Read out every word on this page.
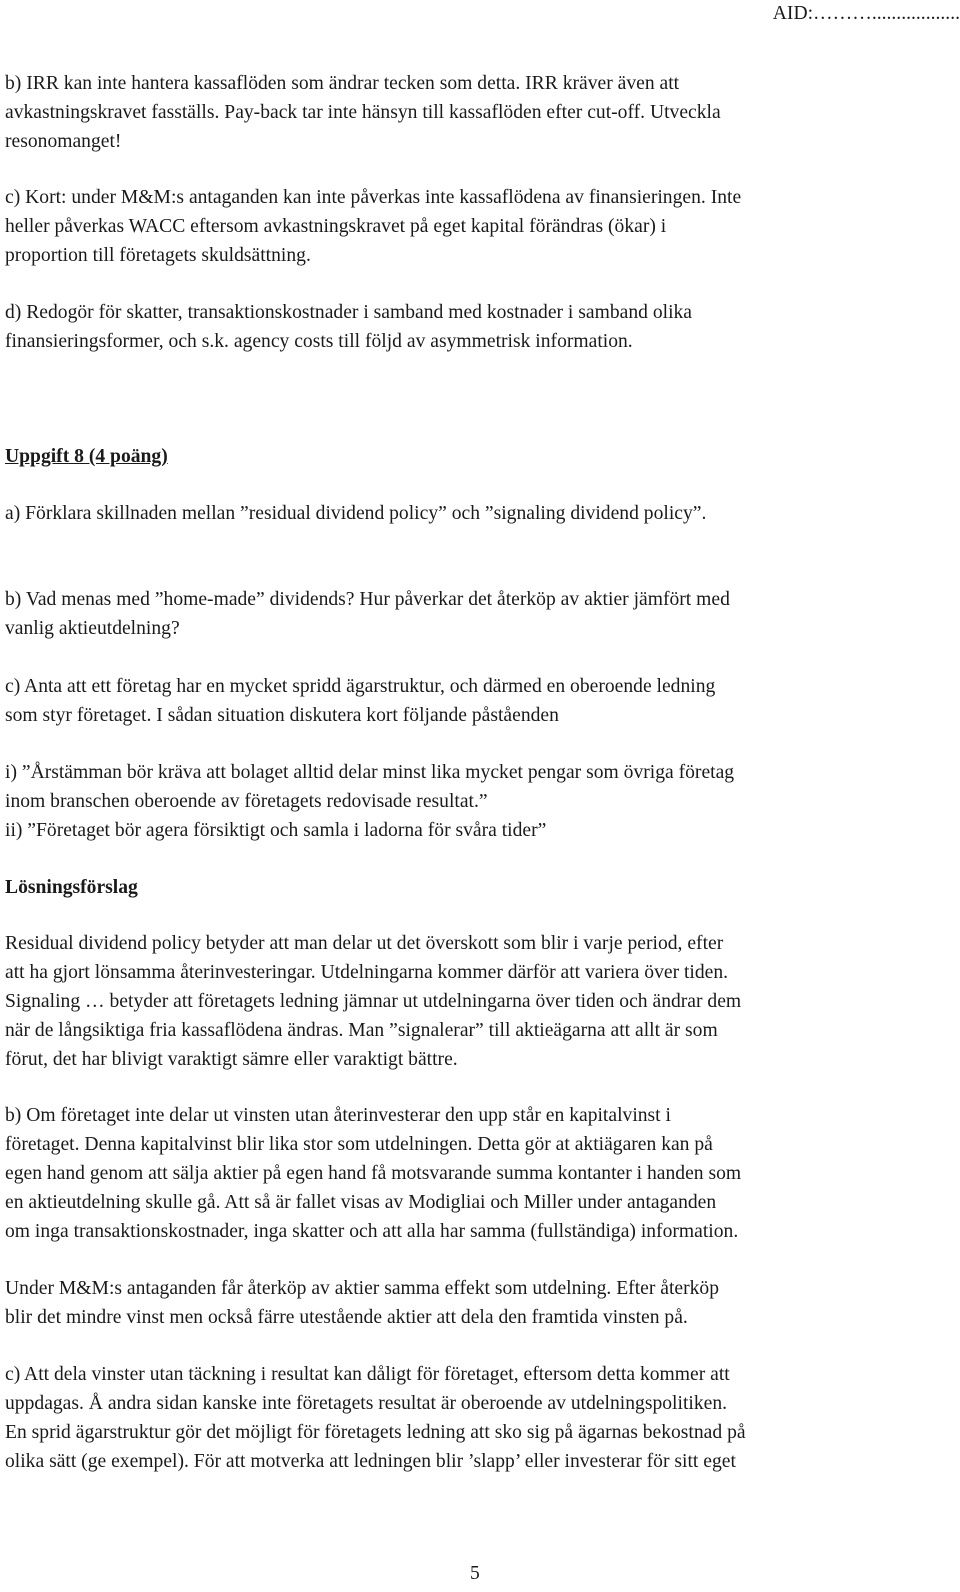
AID:………..................
b) IRR kan inte hantera kassaflöden som ändrar tecken som detta. IRR kräver även att
avkastningskravet fasställs. Pay-back tar inte hänsyn till kassaflöden efter cut-off. Utveckla
resonomanget!
c) Kort: under M&M:s antaganden kan inte påverkas inte kassaflödena av finansieringen. Inte
heller påverkas WACC eftersom avkastningskravet på eget kapital förändras (ökar) i
proportion till företagets skuldsättning.
d) Redogör för skatter, transaktionskostnader i samband med kostnader i samband olika
finansieringsformer, och s.k. agency costs till följd av asymmetrisk information.
Uppgift 8 (4 poäng)
a) Förklara skillnaden mellan ”residual dividend policy” och ”signaling dividend policy”.
b) Vad menas med ”home-made” dividends? Hur påverkar det återköp av aktier jämfört med
vanlig aktieutdelning?
c) Anta att ett företag har en mycket spridd ägarstruktur, och därmed en oberoende ledning
som styr företaget. I sådan situation diskutera kort följande påståenden
i) ”Årstämman bör kräva att bolaget alltid delar minst lika mycket pengar som övriga företag
inom branschen oberoende av företagets redovisade resultat.”
ii) ”Företaget bör agera försiktigt och samla i ladorna för svåra tider”
Lösningsförslag
Residual dividend policy betyder att man delar ut det överskott som blir i varje period, efter
att ha gjort lönsamma återinvesteringar. Utdelningarna kommer därför att variera över tiden.
Signaling … betyder att företagets ledning jämnar ut utdelningarna över tiden och ändrar dem
när de långsiktiga fria kassaflödena ändras. Man ”signalerar” till aktieägarna att allt är som
förut, det har blivigt varaktigt sämre eller varaktigt bättre.
b) Om företaget inte delar ut vinsten utan återinvesterar den upp står en kapitalvinst i
företaget. Denna kapitalvinst blir lika stor som utdelningen. Detta gör at aktiägaren kan på
egen hand genom att sälja aktier på egen hand få motsvarande summa kontanter i handen som
en aktieutdelning skulle gå. Att så är fallet visas av Modigliai och Miller under antaganden
om inga transaktionskostnader, inga skatter och att alla har samma (fullständiga) information.
Under M&M:s antaganden får återköp av aktier samma effekt som utdelning. Efter återköp
blir det mindre vinst men också färre utestående aktier att dela den framtida vinsten på.
c) Att dela vinster utan täckning i resultat kan dåligt för företaget, eftersom detta kommer att
uppdagas. Å andra sidan kanske inte företagets resultat är oberoende av utdelningspolitiken.
En sprid ägarstruktur gör det möjligt för företagets ledning att sko sig på ägarnas bekostnad på
olika sätt (ge exempel). För att motverka att ledningen blir ’slapp’ eller investerar för sitt eget
5
